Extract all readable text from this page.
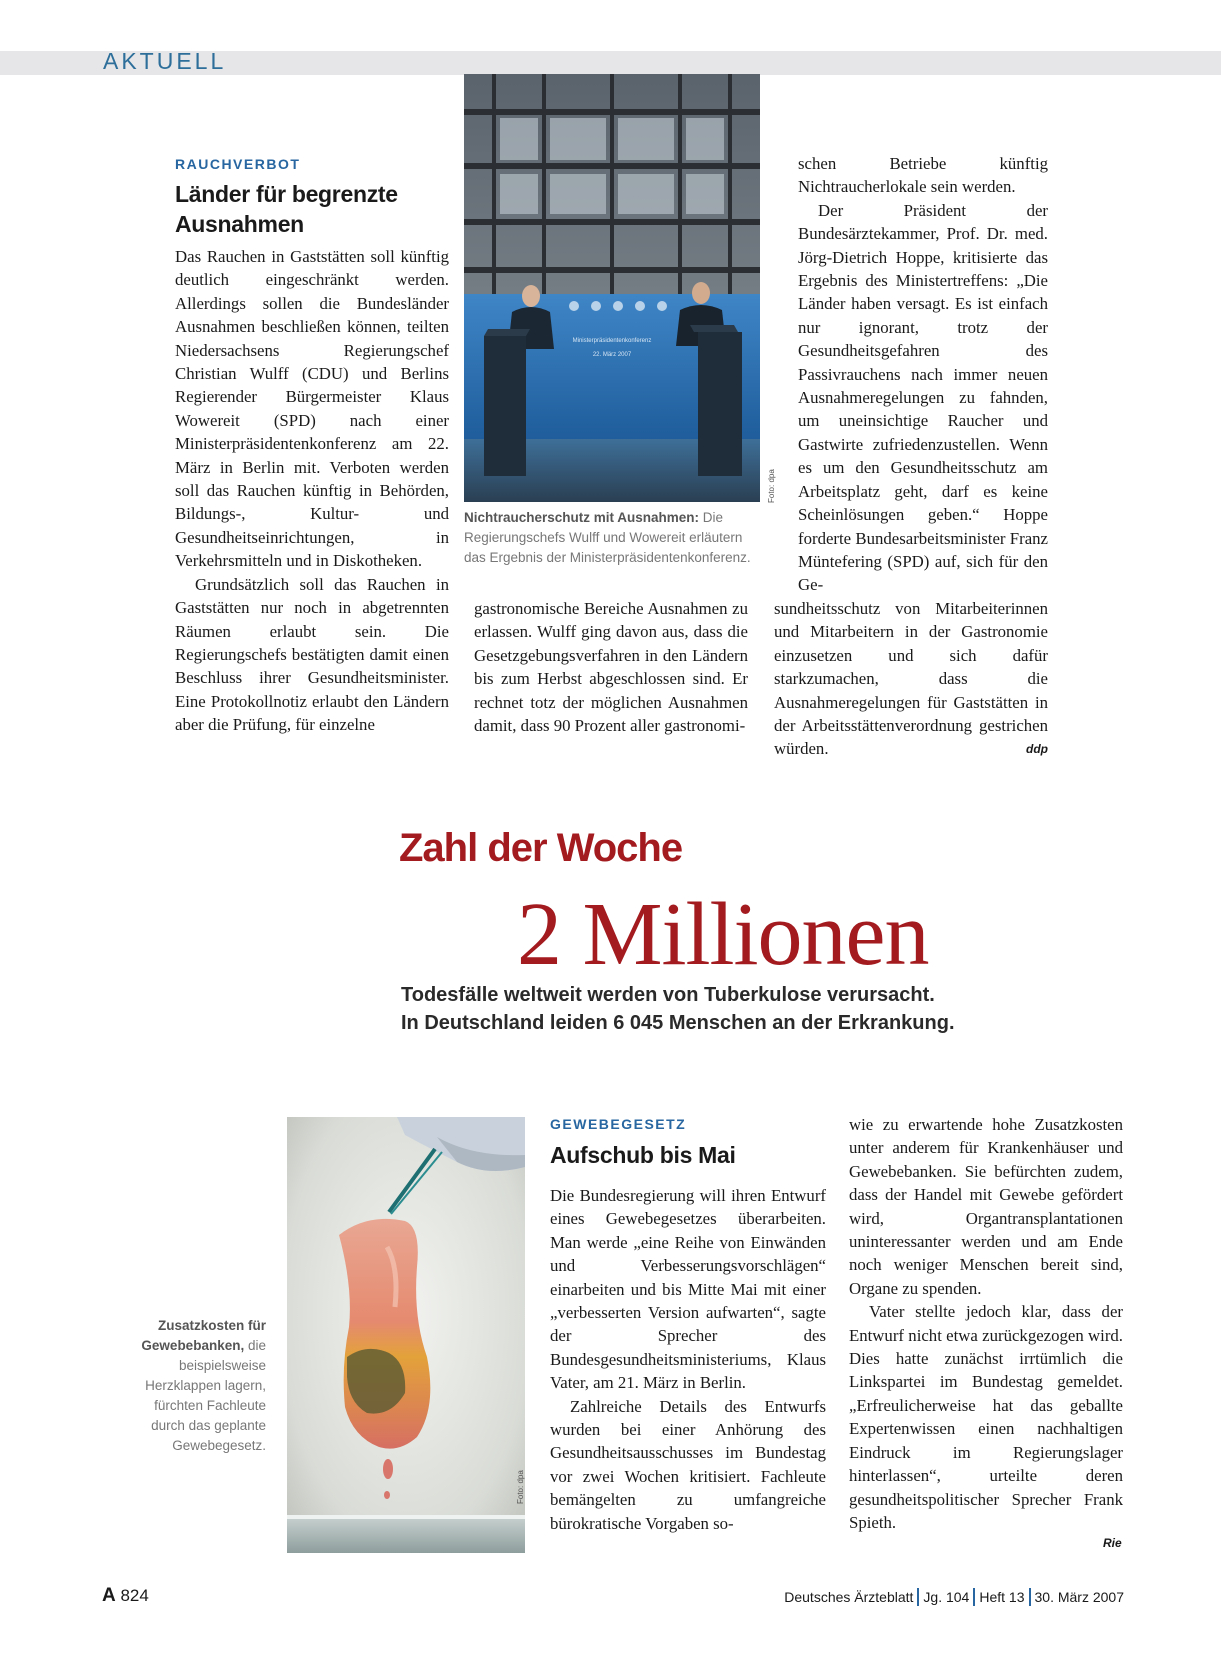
AKTUELL
RAUCHVERBOT
Länder für begrenzte Ausnahmen

Das Rauchen in Gaststätten soll künftig deutlich eingeschränkt werden. Allerdings sollen die Bundesländer Ausnahmen beschließen können, teilten Niedersachsens Regierungschef Christian Wulff (CDU) und Berlins Regierender Bürgermeister Klaus Wowereit (SPD) nach einer Ministerpräsidentenkonferenz am 22. März in Berlin mit. Verboten werden soll das Rauchen künftig in Behörden, Bildungs-, Kultur- und Gesundheitseinrichtungen, in Verkehrsmitteln und in Diskotheken.

Grundsätzlich soll das Rauchen in Gaststätten nur noch in abgetrennten Räumen erlaubt sein. Die Regierungschefs bestätigten damit einen Beschluss ihrer Gesundheitsminister. Eine Protokollnotiz erlaubt den Ländern aber die Prüfung, für einzelne

Ministerpräsidentenkonferenz
22. März 2007
Foto: dpa
Nichtraucherschutz mit Ausnahmen: Die Regierungschefs Wulff und Wowereit erläutern das Ergebnis der Ministerpräsidentenkonferenz.

gastronomische Bereiche Ausnahmen zu erlassen. Wulff ging davon aus, dass die Gesetzgebungsverfahren in den Ländern bis zum Herbst abgeschlossen sind. Er rechnet totz der möglichen Ausnahmen damit, dass 90 Prozent aller gastronomi-

schen Betriebe künftig Nichtraucherlokale sein werden.

Der Präsident der Bundesärztekammer, Prof. Dr. med. Jörg-Dietrich Hoppe, kritisierte das Ergebnis des Ministertreffens: „Die Länder haben versagt. Es ist einfach nur ignorant, trotz der Gesundheitsgefahren des Passivrauchens nach immer neuen Ausnahmeregelungen zu fahnden, um uneinsichtige Raucher und Gastwirte zufriedenzustellen. Wenn es um den Gesundheitsschutz am Arbeitsplatz geht, darf es keine Scheinlösungen geben.“ Hoppe forderte Bundesarbeitsminister Franz Müntefering (SPD) auf, sich für den Ge-

sundheitsschutz von Mitarbeiterinnen und Mitarbeitern in der Gastronomie einzusetzen und sich dafür starkzumachen, dass die Ausnahmeregelungen für Gaststätten in der Arbeitsstättenverordnung gestrichen würden.	ddp
Zahl der Woche
2 Millionen
Todesfälle weltweit werden von Tuberkulose verursacht.
In Deutschland leiden 6 045 Menschen an der Erkrankung.
Zusatzkosten für Gewebebanken, die beispielsweise Herzklappen lagern, fürchten Fachleute durch das geplante Gewebegesetz.
Foto: dpa
GEWEBEGESETZ
Aufschub bis Mai

Die Bundesregierung will ihren Entwurf eines Gewebegesetzes überarbeiten. Man werde „eine Reihe von Einwänden und Verbesserungsvorschlägen“ einarbeiten und bis Mitte Mai mit einer „verbesserten Version aufwarten“, sagte der Sprecher des Bundesgesundheitsministeriums, Klaus Vater, am 21. März in Berlin.

Zahlreiche Details des Entwurfs wurden bei einer Anhörung des Gesundheitsausschusses im Bundestag vor zwei Wochen kritisiert. Fachleute bemängelten zu umfangreiche bürokratische Vorgaben so-

wie zu erwartende hohe Zusatzkosten unter anderem für Krankenhäuser und Gewebebanken. Sie befürchten zudem, dass der Handel mit Gewebe gefördert wird, Organtransplantationen uninteressanter werden und am Ende noch weniger Menschen bereit sind, Organe zu spenden.

Vater stellte jedoch klar, dass der Entwurf nicht etwa zurückgezogen wird. Dies hatte zunächst irrtümlich die Linkspartei im Bundestag gemeldet. „Erfreulicherweise hat das geballte Expertenwissen einen nachhaltigen Eindruck im Regierungslager hinterlassen“, urteilte deren gesundheitspolitischer Sprecher Frank Spieth.

Rie
A 824	Deutsches Ärzteblatt Jg. 104 Heft 13 30. März 2007
